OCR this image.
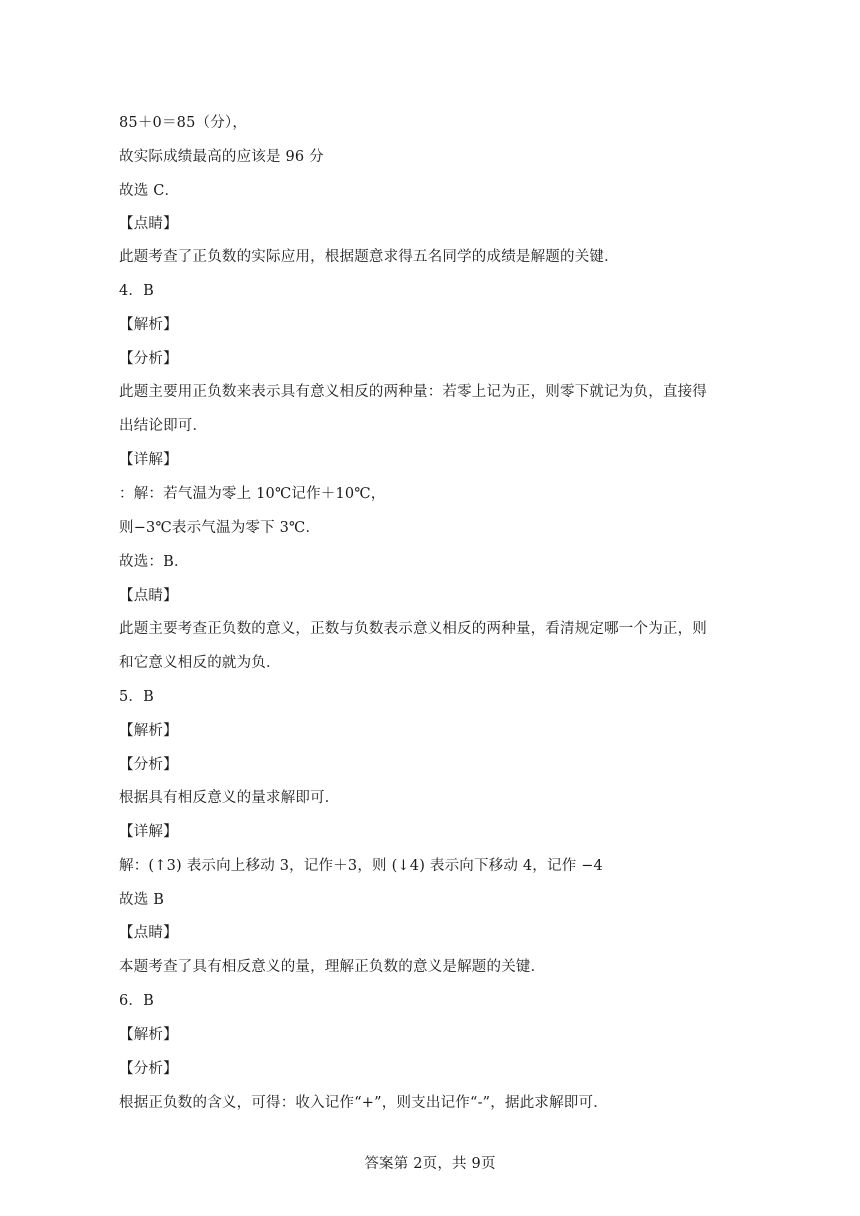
85＋0＝85（分），
故实际成绩最高的应该是 96 分
故选 C．
【点睛】
此题考查了正负数的实际应用，根据题意求得五名同学的成绩是解题的关键．
4．B
【解析】
【分析】
此题主要用正负数来表示具有意义相反的两种量：若零上记为正，则零下就记为负，直接得
出结论即可．
【详解】
：解：若气温为零上 10℃记作＋10℃，
则−3℃表示气温为零下 3℃．
故选：B．
【点睛】
此题主要考查正负数的意义，正数与负数表示意义相反的两种量，看清规定哪一个为正，则
和它意义相反的就为负．
5．B
【解析】
【分析】
根据具有相反意义的量求解即可．
【详解】
解：(↑3) 表示向上移动 3，记作＋3，则 (↓4) 表示向下移动 4，记作 −4
故选 B
【点睛】
本题考查了具有相反意义的量，理解正负数的意义是解题的关键．
6．B
【解析】
【分析】
根据正负数的含义，可得：收入记作“+”，则支出记作“-”，据此求解即可．
答案第 2页，共 9页
